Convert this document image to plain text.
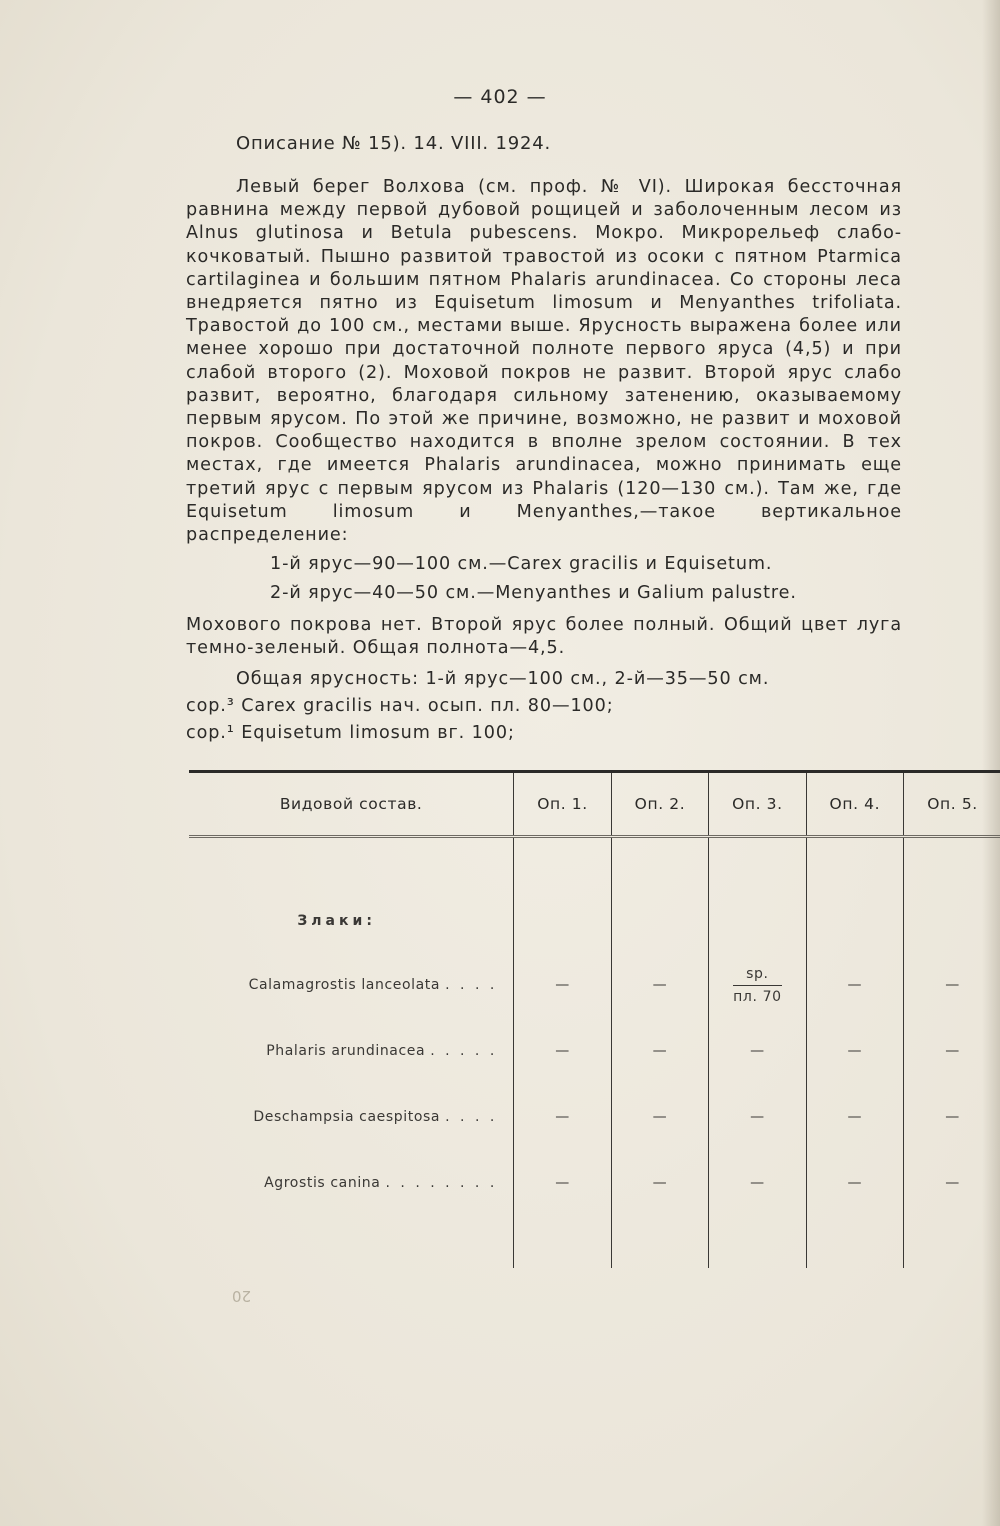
— 402 —
Описание № 15). 14. VIII. 1924.

Левый берег Волхова (см. проф. № VI). Широкая бессточная равнина между первой дубовой рощицей и заболоченным лесом из Alnus glutinosa и Betula pubescens. Мокро. Микрорельеф слабо-кочковатый. Пышно развитой травостой из осоки с пятном Ptarmica cartilaginea и большим пятном Phalaris arundinacea. Со стороны леса внедряется пятно из Equisetum limosum и Menyanthes trifoliata. Травостой до 100 см., местами выше. Ярусность выражена более или менее хорошо при достаточной полноте первого яруса (4,5) и при слабой второго (2). Моховой покров не развит. Второй ярус слабо развит, вероятно, благодаря сильному затенению, оказываемому первым ярусом. По этой же причине, возможно, не развит и моховой покров. Сообщество находится в вполне зрелом состоянии. В тех местах, где имеется Phalaris arundinacea, можно принимать еще третий ярус с первым ярусом из Phalaris (120—130 см.). Там же, где Equisetum limosum и Menyanthes,—такое вертикальное распределение:

1-й ярус—90—100 см.—Carex gracilis и Equisetum.

2-й ярус—40—50 см.—Menyanthes и Galium palustre.

Мохового покрова нет. Второй ярус более полный. Общий цвет луга темно-зеленый. Общая полнота—4,5.

Общая ярусность: 1-й ярус—100 см., 2-й—35—50 см.

cop.³ Carex gracilis нач. осып. пл. 80—100;

cop.¹ Equisetum limosum вг. 100;

Видовой состав.	Оп. 1.	Оп. 2.	Оп. 3.	Оп. 4.	Оп. 5.

Злаки:					
Calamagrostis lanceolata . . . .	—	—	$\frac{sp.}{пл. 70}$	—	—
Phalaris arundinacea . . . . .	—	—	—	—	—
Deschampsia caespitosa . . . .	—	—	—	—	—
Agrostis canina . . . . . . . .	—	—	—	—	—

20
